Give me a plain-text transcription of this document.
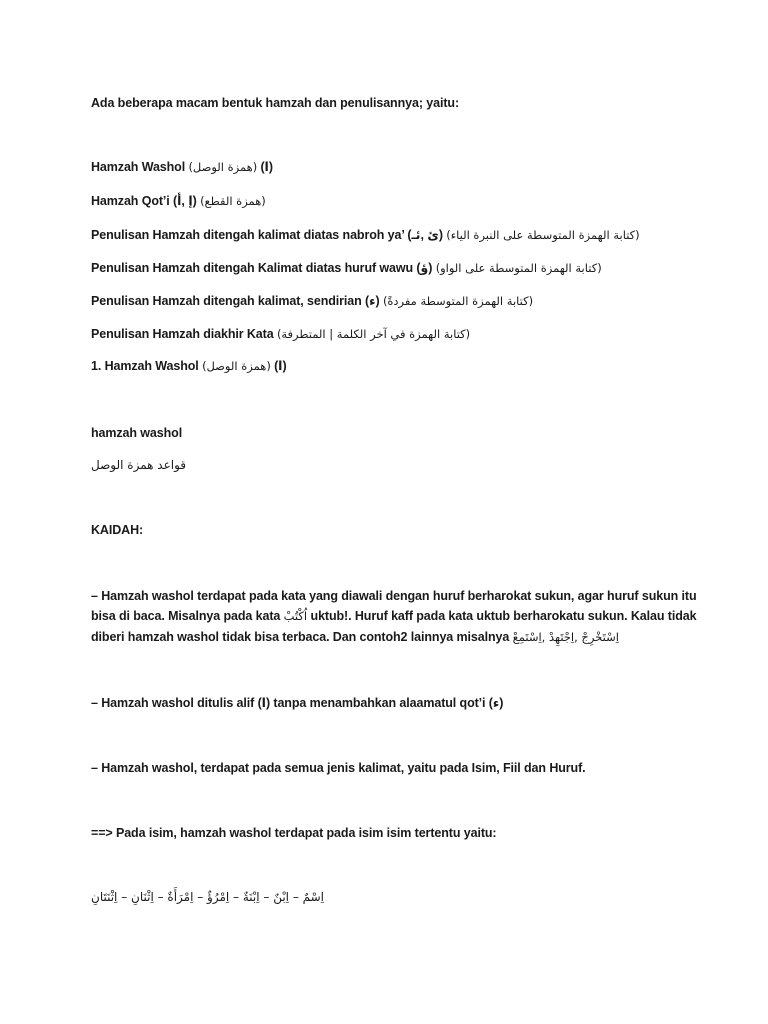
Ada beberapa macam bentuk hamzah dan penulisannya; yaitu:

Hamzah Washol (همزة الوصل) (ا)

Hamzah Qot’i (إ ,أ) (همزة القطع)

Penulisan Hamzah ditengah kalimat diatas nabroh ya’ (ئ ,ئـ) (كتابة الهمزة المتوسطة على النبرة الياء)

Penulisan Hamzah ditengah Kalimat diatas huruf wawu (ؤ) (كتابة الهمزة المتوسطة على الواو)

Penulisan Hamzah ditengah kalimat, sendirian (ء) (كتابة الهمزة المتوسطة مفردةً)

Penulisan Hamzah diakhir Kata (كتابة الهمزة في آخر الكلمة | المتطرفة)

1. Hamzah Washol (همزة الوصل) (ا)

hamzah washol

قواعد همزة الوصل

KAIDAH:

– Hamzah washol terdapat pada kata yang diawali dengan huruf berharokat sukun, agar huruf sukun itu

bisa di baca. Misalnya pada kata اُكْتُبْ uktub!. Huruf kaff pada kata uktub berharokatu sukun. Kalau tidak

diberi hamzah washol tidak bisa terbaca. Dan contoh2 lainnya misalnya اِسْتَخْرِجْ ,اِجْتَهِدْ ,اِسْتَمِعْ

– Hamzah washol ditulis alif (ا) tanpa menambahkan alaamatul qot’i (ء)

– Hamzah washol, terdapat pada semua jenis kalimat, yaitu pada Isim, Fiil dan Huruf.

==> Pada isim, hamzah washol terdapat pada isim isim tertentu yaitu:

اِسْمٌ – اِبْنٌ – اِبْنَةٌ – اِمْرُؤٌ – اِمْرَأَةٌ – اِثْنَانِ – اِثْنَتَانِ
